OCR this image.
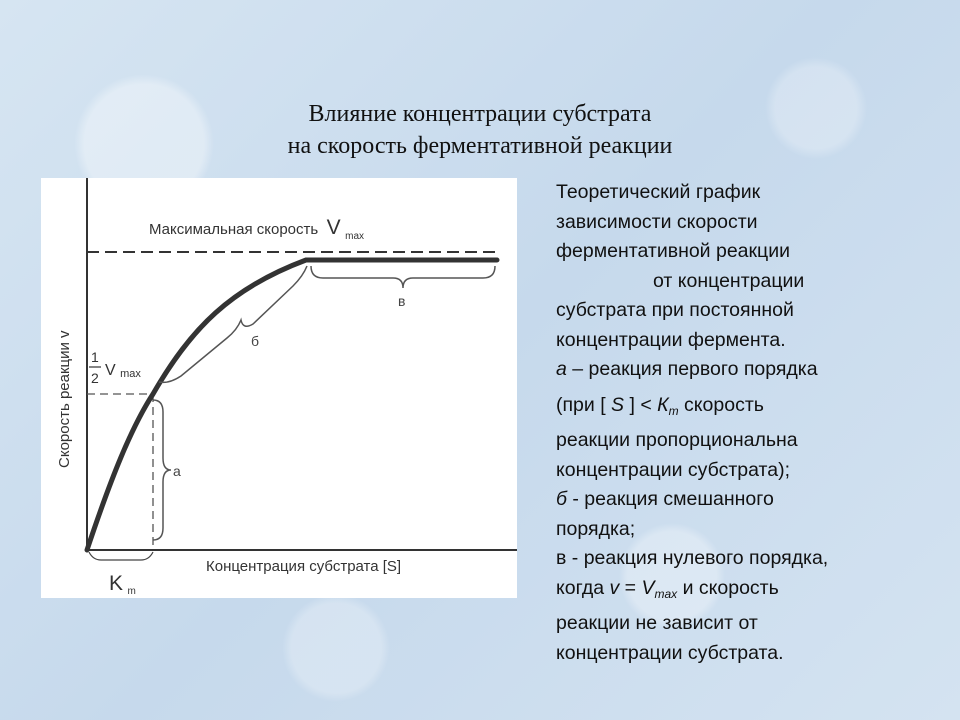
Влияние концентрации субстрата
на скорость ферментативной реакции
а
б
в
Максимальная скорость V $_{max}$
Скорость реакции v 1
2 V max
Концентрация субстрата [S]
K $_m$
Теоретический график
зависимости скорости
ферментативной реакции
от концентрации
субстрата при постоянной
концентрации фермента.
а – реакция первого порядка
(при [ S ] < $К_m$ скорость
реакции пропорциональна
концентрации субстрата);
б - реакция смешанного
порядка;
в - реакция нулевого порядка,
когда $v = V_{max}$ и скорость
реакции не зависит от
концентрации субстрата.
